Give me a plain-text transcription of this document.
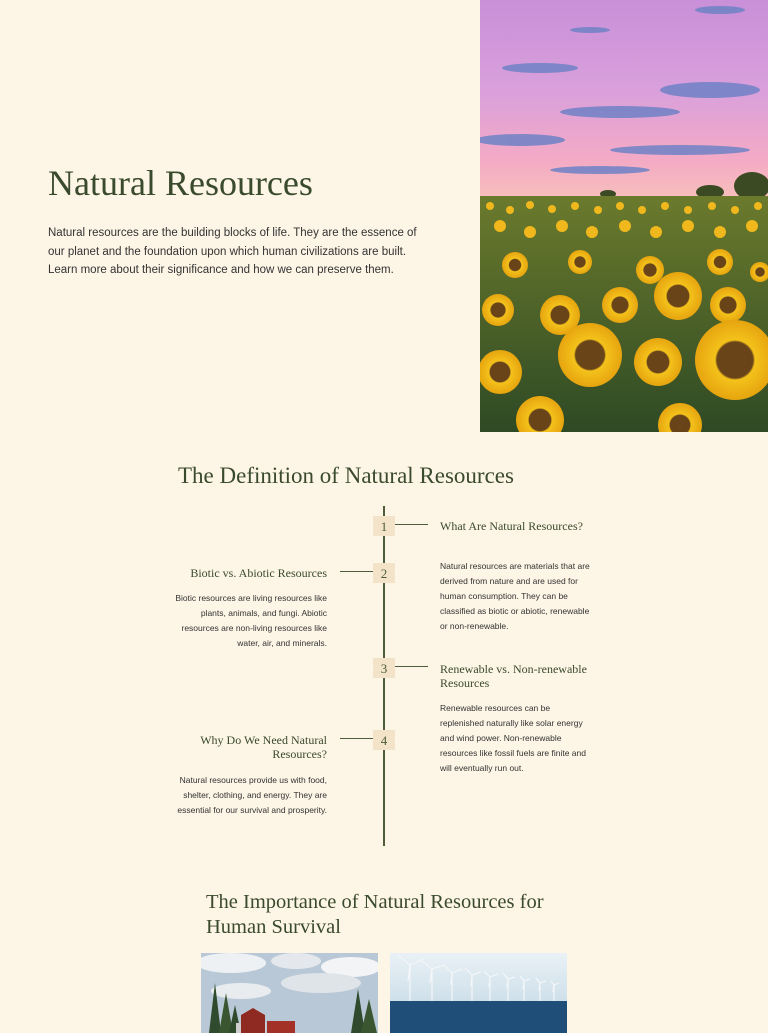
Natural Resources

Natural resources are the building blocks of life. They are the essence of our planet and the foundation upon which human civilizations are built. Learn more about their significance and how we can preserve them.

The Definition of Natural Resources
1	What Are Natural Resources?

Natural resources are materials that are derived from nature and are used for human consumption. They can be classified as biotic or abiotic, renewable or non-renewable.

2
Biotic vs. Abiotic Resources

Biotic resources are living resources like plants, animals, and fungi. Abiotic resources are non-living resources like water, air, and minerals.

3	Renewable vs. Non-renewable Resources

Renewable resources can be replenished naturally like solar energy and wind power. Non-renewable resources like fossil fuels are finite and will eventually run out.

4
Why Do We Need Natural Resources?

Natural resources provide us with food, shelter, clothing, and energy. They are essential for our survival and prosperity.

The Importance of Natural Resources for Human Survival
